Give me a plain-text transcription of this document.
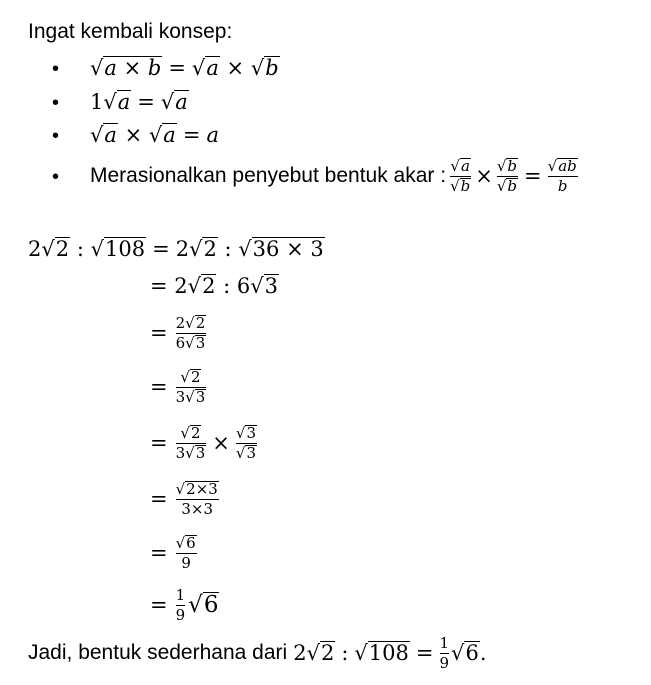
Ingat kembali konsep:
• √a × b = √a × √b
• 1√a = √a
• √a × √a = a
• Merasionalkan penyebut bentuk akar : $\frac{√a}{√b} \times \frac{√b}{√b} = \frac{√ab}{b}$
2√2 : √108 = 2√2 : √36 × 3
= 2√2 : 6√3
= $\frac{2√2}{6√3}$
= $\frac{√2}{3√3}$
= $\frac{√2}{3√3} \times \frac{√3}{√3}$
= $\frac{√2\times 3}{3\times 3}$
= $\frac{√6}{9}$
= $\frac{1}{9} √6$
Jadi, bentuk sederhana dari 2 √2 : $√108 = \frac{1}{9} √6$ .
